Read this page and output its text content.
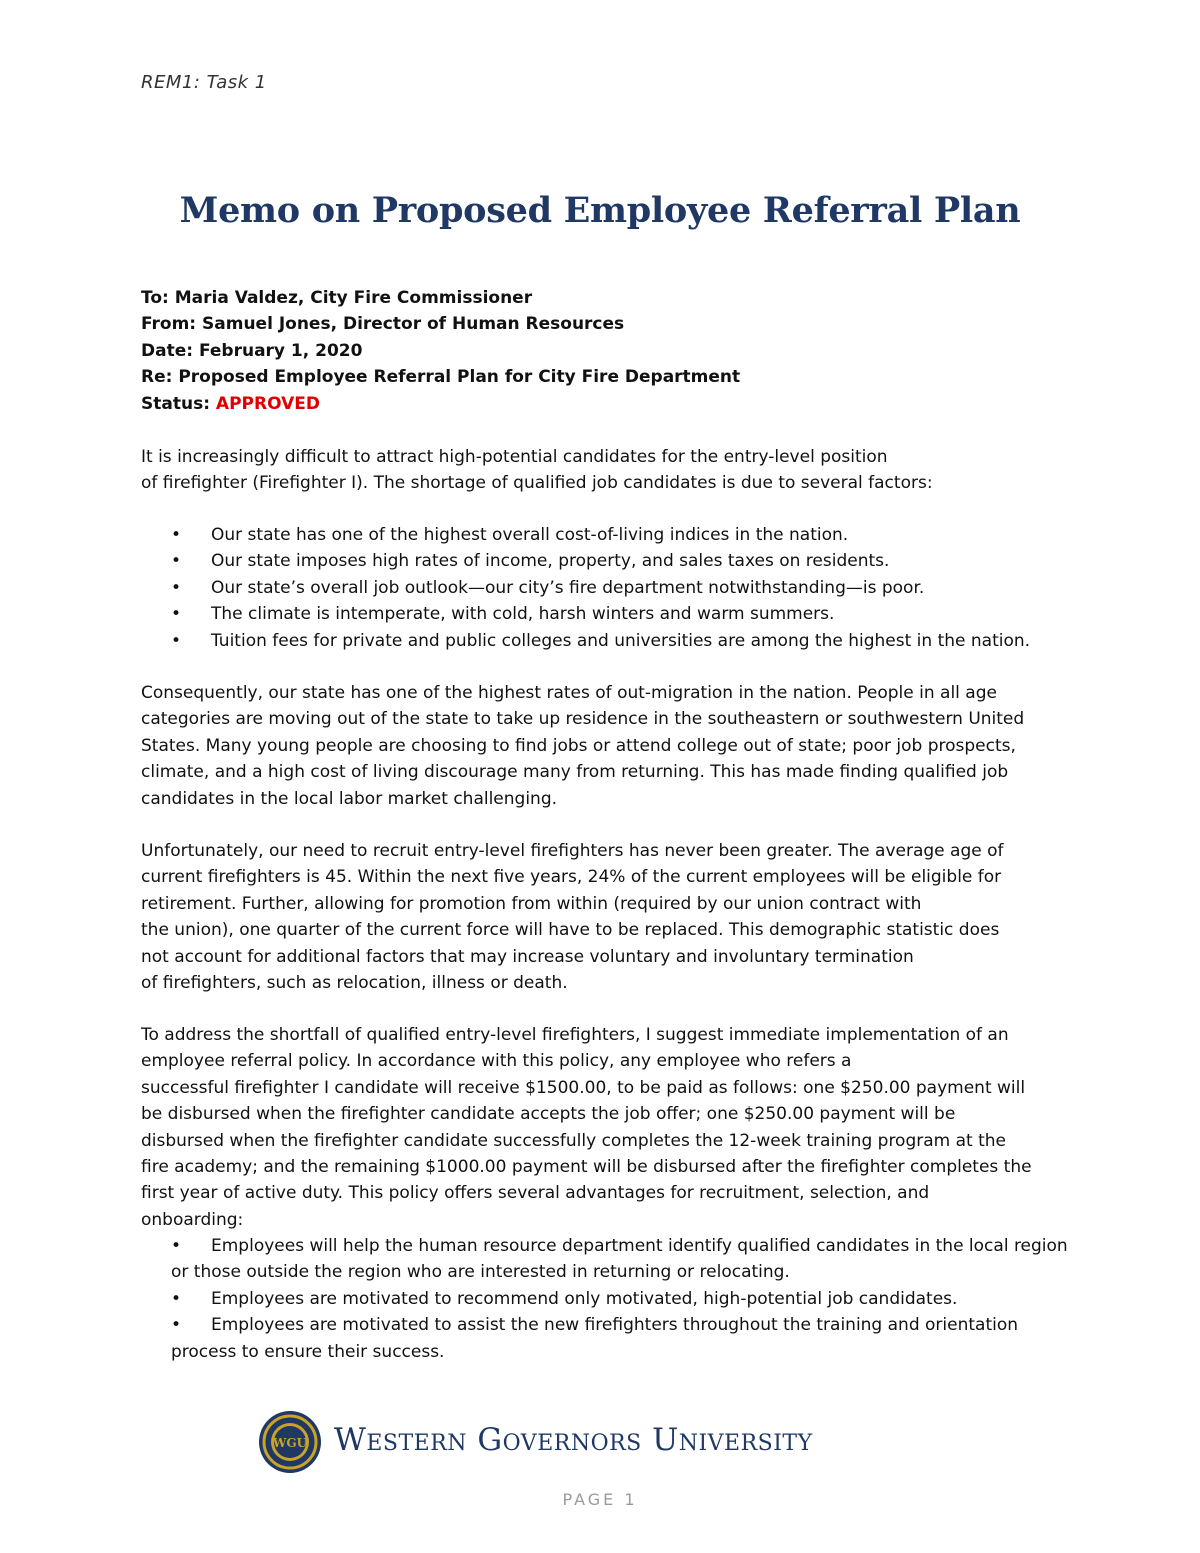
REM1: Task 1
Memo on Proposed Employee Referral Plan
To: Maria Valdez, City Fire Commissioner
From: Samuel Jones, Director of Human Resources
Date: February 1, 2020
Re: Proposed Employee Referral Plan for City Fire Department
Status: APPROVED
It is increasingly difficult to attract high-potential candidates for the entry-level position
of firefighter (Firefighter I). The shortage of qualified job candidates is due to several factors:
• Our state has one of the highest overall cost-of-living indices in the nation.
• Our state imposes high rates of income, property, and sales taxes on residents.
• Our state’s overall job outlook—our city’s fire department notwithstanding—is poor.
• The climate is intemperate, with cold, harsh winters and warm summers.
• Tuition fees for private and public colleges and universities are among the highest in the nation.
Consequently, our state has one of the highest rates of out-migration in the nation. People in all age
categories are moving out of the state to take up residence in the southeastern or southwestern United
States. Many young people are choosing to find jobs or attend college out of state; poor job prospects,
climate, and a high cost of living discourage many from returning. This has made finding qualified job
candidates in the local labor market challenging.
Unfortunately, our need to recruit entry-level firefighters has never been greater. The average age of
current firefighters is 45. Within the next five years, 24% of the current employees will be eligible for
retirement. Further, allowing for promotion from within (required by our union contract with
the union), one quarter of the current force will have to be replaced. This demographic statistic does
not account for additional factors that may increase voluntary and involuntary termination
of firefighters, such as relocation, illness or death.
To address the shortfall of qualified entry-level firefighters, I suggest immediate implementation of an
employee referral policy. In accordance with this policy, any employee who refers a
successful firefighter I candidate will receive $1500.00, to be paid as follows: one $250.00 payment will
be disbursed when the firefighter candidate accepts the job offer; one $250.00 payment will be
disbursed when the firefighter candidate successfully completes the 12-week training program at the
fire academy; and the remaining $1000.00 payment will be disbursed after the firefighter completes the
first year of active duty. This policy offers several advantages for recruitment, selection, and
onboarding:
• Employees will help the human resource department identify qualified candidates in the local region or those outside the region who are interested in returning or relocating.
• Employees are motivated to recommend only motivated, high-potential job candidates.
• Employees are motivated to assist the new firefighters throughout the training and orientation process to ensure their success.
WGU Western Governors University
PAGE 1
